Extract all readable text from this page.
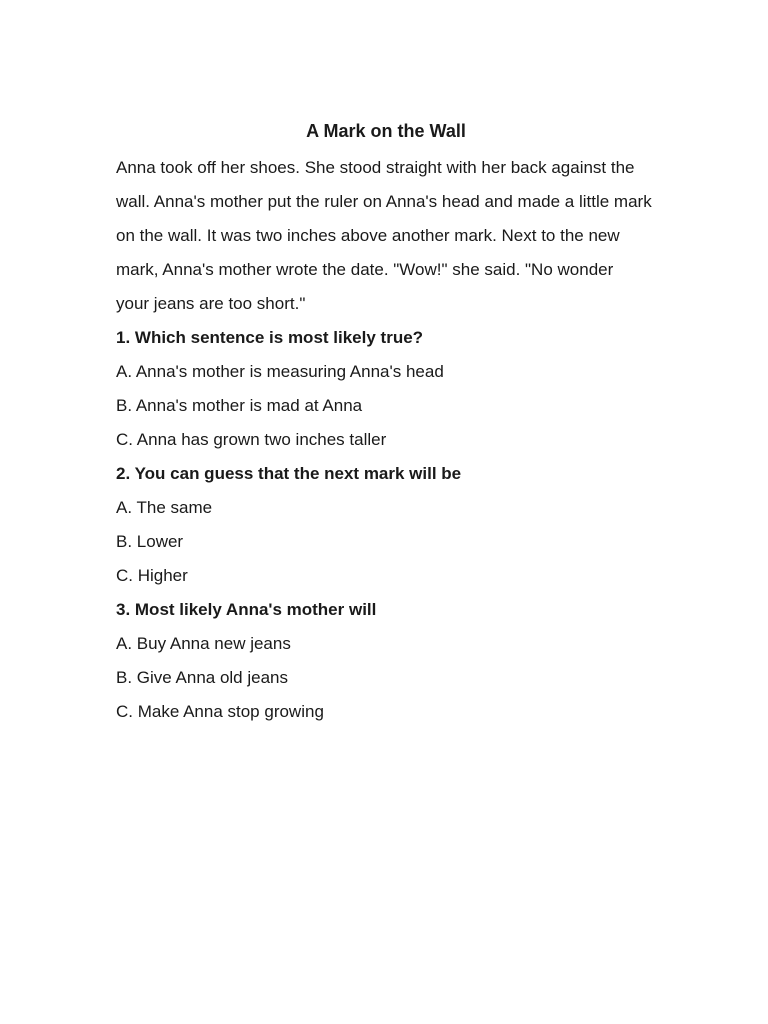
A Mark on the Wall

Anna took off her shoes. She stood straight with her back against the

wall. Anna's mother put the ruler on Anna's head and made a little mark

on the wall. It was two inches above another mark. Next to the new

mark, Anna's mother wrote the date. "Wow!" she said. "No wonder

your jeans are too short."

1. Which sentence is most likely true?

A. Anna's mother is measuring Anna's head

B. Anna's mother is mad at Anna

C. Anna has grown two inches taller

2. You can guess that the next mark will be

A. The same

B. Lower

C. Higher

3. Most likely Anna's mother will

A. Buy Anna new jeans

B. Give Anna old jeans

C. Make Anna stop growing
